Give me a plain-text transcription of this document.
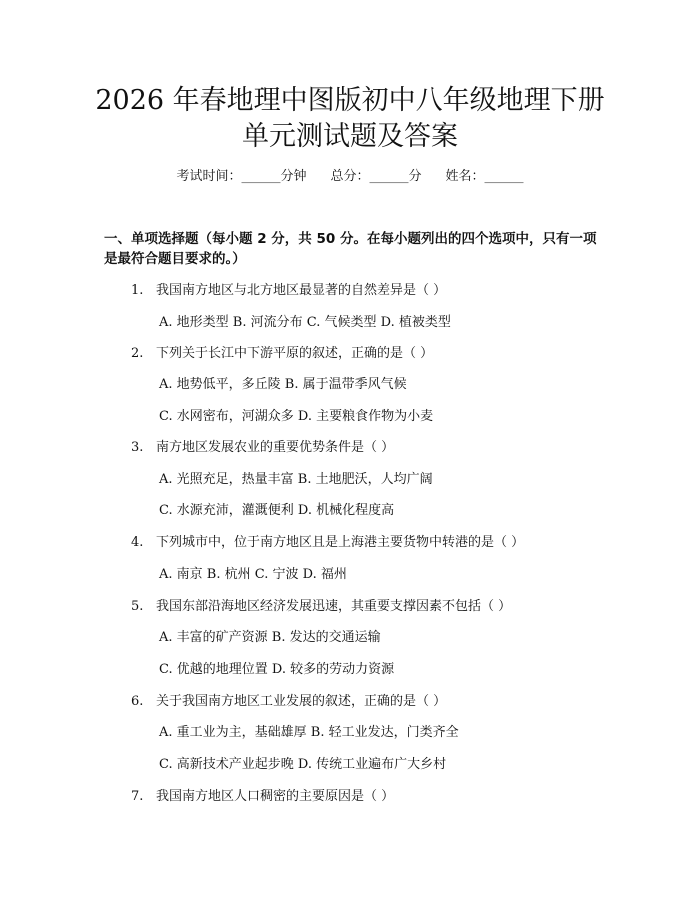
2026 年春地理中图版初中八年级地理下册单元测试题及答案
考试时间：______分钟 总分：______分 姓名：______

一、单项选择题（每小题 2 分，共 50 分。在每小题列出的四个选项中，只有一项是最符合题目要求的。）

1. 我国南方地区与北方地区最显著的自然差异是（ ）
A. 地形类型 B. 河流分布 C. 气候类型 D. 植被类型
2. 下列关于长江中下游平原的叙述，正确的是（ ）
A. 地势低平，多丘陵 B. 属于温带季风气候
C. 水网密布，河湖众多 D. 主要粮食作物为小麦
3. 南方地区发展农业的重要优势条件是（ ）
A. 光照充足，热量丰富 B. 土地肥沃，人均广阔
C. 水源充沛，灌溉便利 D. 机械化程度高
4. 下列城市中，位于南方地区且是上海港主要货物中转港的是（ ）
A. 南京 B. 杭州 C. 宁波 D. 福州
5. 我国东部沿海地区经济发展迅速，其重要支撑因素不包括（ ）
A. 丰富的矿产资源 B. 发达的交通运输
C. 优越的地理位置 D. 较多的劳动力资源
6. 关于我国南方地区工业发展的叙述，正确的是（ ）
A. 重工业为主，基础雄厚 B. 轻工业发达，门类齐全
C. 高新技术产业起步晚 D. 传统工业遍布广大乡村
7. 我国南方地区人口稠密的主要原因是（ ）
